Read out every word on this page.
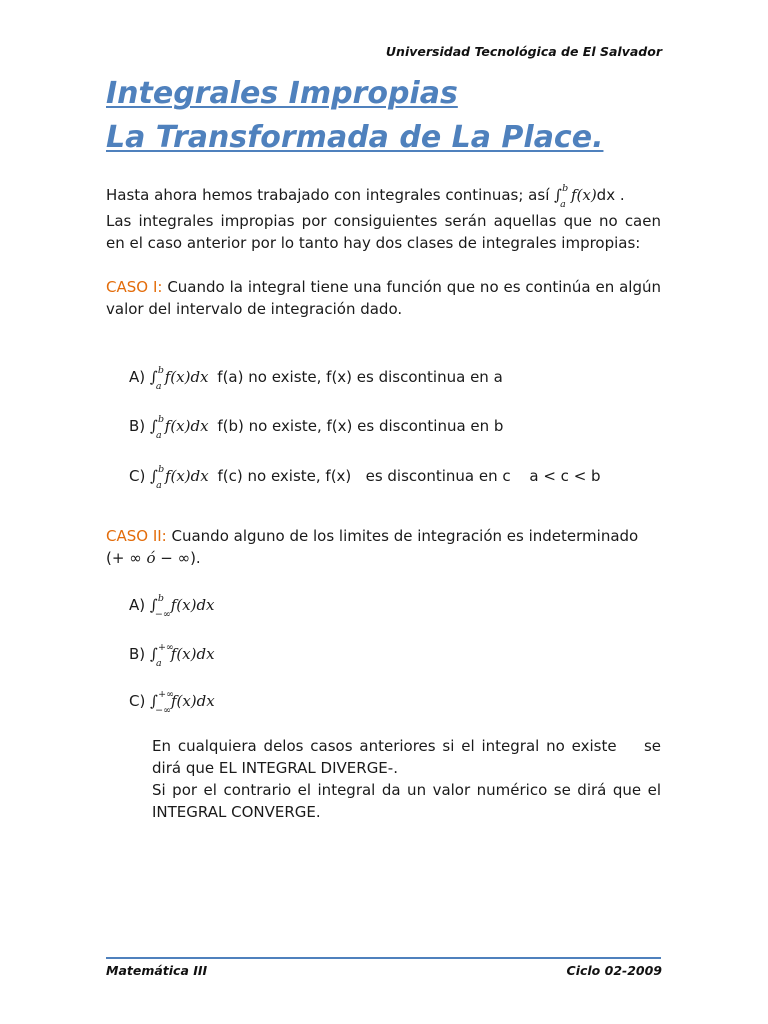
Universidad Tecnológica de El Salvador
Integrales Impropias
La Transformada de La Place.
Hasta ahora hemos trabajado con integrales continuas; así ∫ b
a
f(x)dx .
Las integrales impropias por consiguientes serán aquellas que no caen en el caso anterior por lo tanto hay dos clases de integrales impropias:
CASO I: Cuando la integral tiene una función que no es continúa en algún valor del intervalo de integración dado.
A) ∫ b
a
f(x)dx f(a) no existe, f(x) es discontinua en a
B) ∫ b
a
f(x)dx f(b) no existe, f(x) es discontinua en b
C) ∫ b
a
f(x)dx f(c) no existe, f(x)   es discontinua en c a < c < b
CASO II: Cuando alguno de los limites de integración es indeterminado
(+ ∞ ó − ∞).
A) ∫ b
−∞
f(x)dx
B) ∫ +∞
a
f(x)dx
C) ∫ +∞
−∞
f(x)dx
En cualquiera delos casos anteriores si el integral no existe    se dirá que EL INTEGRAL DIVERGE-.
Si por el contrario el integral da un valor numérico se dirá que el INTEGRAL CONVERGE.
Matemática III	Ciclo 02-2009
